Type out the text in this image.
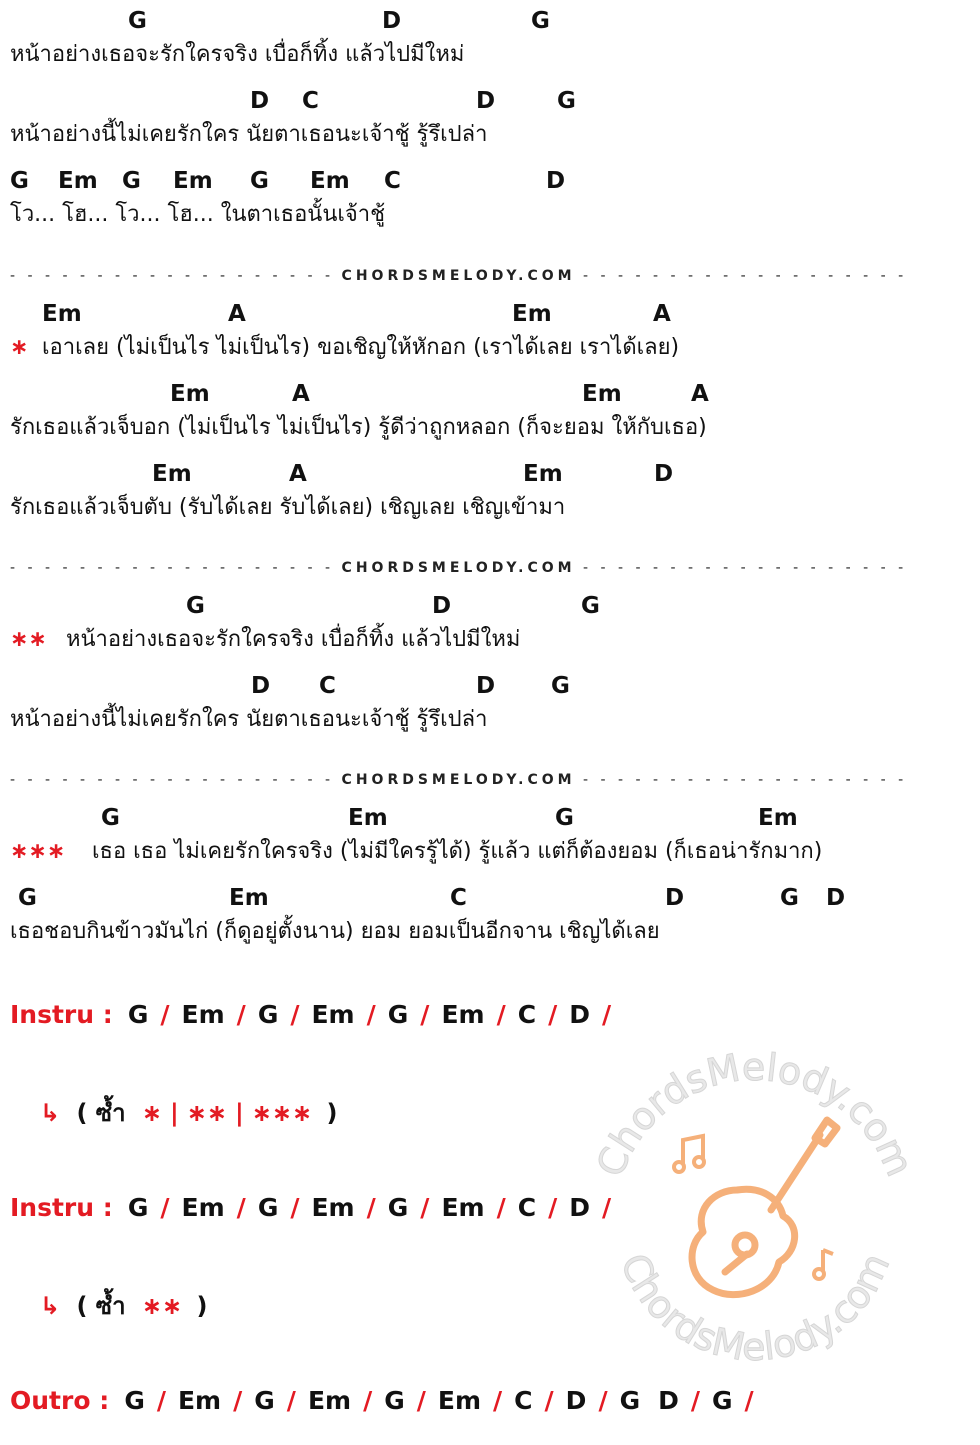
ChordsMelody.com
ChordsMelody.com
G	D	G
หน้าอย่างเธอจะรักใครจริง เบื่อก็ทิ้ง แล้วไปมีใหม่
D C	D	G
หน้าอย่างนี้ไม่เคยรักใคร นัยตาเธอนะเจ้าชู้ รู้รึเปล่า
G Em G Em G Em C	D
โว... โฮ... โว... โฮ... ในตาเธอนั้นเจ้าชู้
- - - - - - - - - - - - - - - - - - - CHORDSMELODY.COM - - - - - - - - - - - - - - - - - - -
Em	A	Em	A
∗ เอาเลย (ไม่เป็นไร ไม่เป็นไร) ขอเชิญให้หักอก (เราได้เลย เราได้เลย)
Em	A	Em	A
รักเธอแล้วเจ็บอก (ไม่เป็นไร ไม่เป็นไร) รู้ดีว่าถูกหลอก (ก็จะยอม ให้กับเธอ)
Em	A	Em	D
รักเธอแล้วเจ็บตับ (รับได้เลย รับได้เลย) เชิญเลย เชิญเข้ามา
- - - - - - - - - - - - - - - - - - - CHORDSMELODY.COM - - - - - - - - - - - - - - - - - - -
G	D	G
∗∗ หน้าอย่างเธอจะรักใครจริง เบื่อก็ทิ้ง แล้วไปมีใหม่
D C	D G
หน้าอย่างนี้ไม่เคยรักใคร นัยตาเธอนะเจ้าชู้ รู้รึเปล่า
- - - - - - - - - - - - - - - - - - - CHORDSMELODY.COM - - - - - - - - - - - - - - - - - - -
G	Em	G	Em
∗∗∗ เธอ เธอ ไม่เคยรักใครจริง (ไม่มีใครรู้ได้) รู้แล้ว แต่ก็ต้องยอม (ก็เธอน่ารักมาก)
G	Em	C	D	G D
เธอชอบกินข้าวมันไก่ (ก็ดูอยู่ตั้งนาน) ยอม ยอมเป็นอีกจาน เชิญได้เลย
Instru : G / Em / G / Em / G / Em / C / D /
↳ ( ซ้ำ ∗ | ∗∗ | ∗∗∗ )
Instru : G / Em / G / Em / G / Em / C / D /
↳ ( ซ้ำ ∗∗ )
Outro : G / Em / G / Em / G / Em / C / D / G D / G /
